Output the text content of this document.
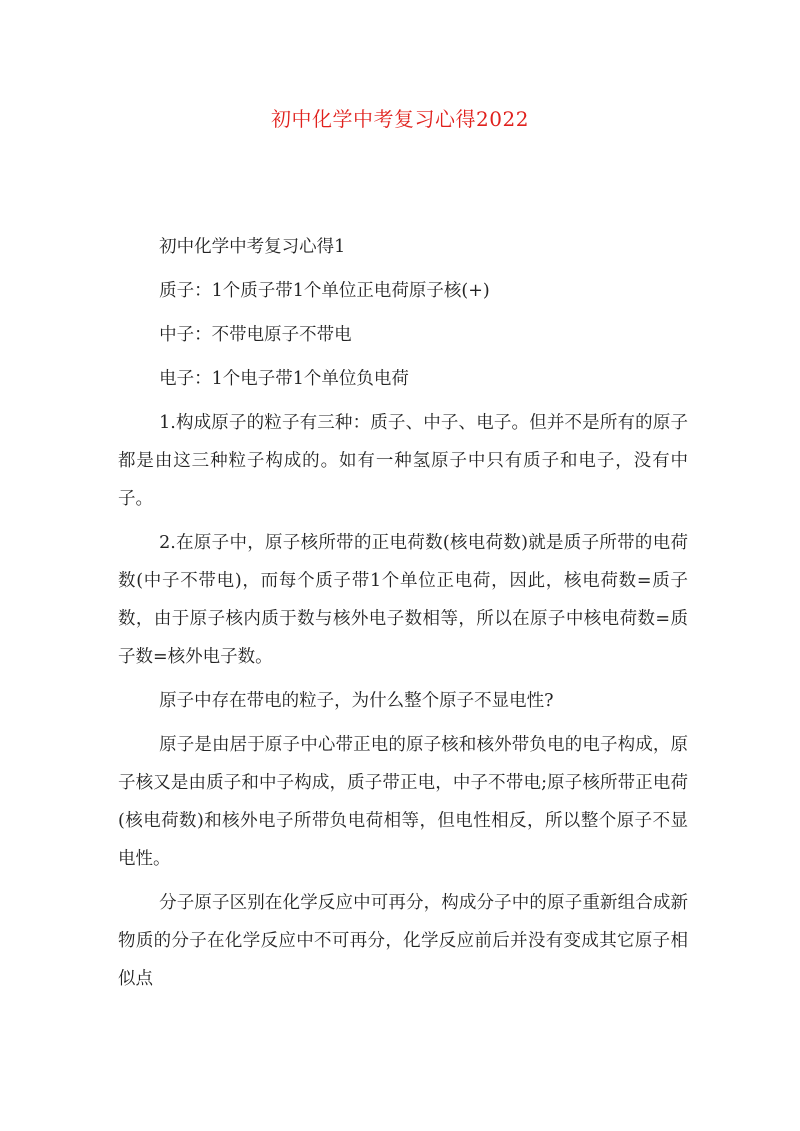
初中化学中考复习心得2022

初中化学中考复习心得1

质子：1个质子带1个单位正电荷原子核(+)

中子：不带电原子不带电

电子：1个电子带1个单位负电荷

1.构成原子的粒子有三种：质子、中子、电子。但并不是所有的原子都是由这三种粒子构成的。如有一种氢原子中只有质子和电子，没有中子。

2.在原子中，原子核所带的正电荷数(核电荷数)就是质子所带的电荷数(中子不带电)，而每个质子带1个单位正电荷，因此，核电荷数=质子数，由于原子核内质于数与核外电子数相等，所以在原子中核电荷数=质子数=核外电子数。

原子中存在带电的粒子，为什么整个原子不显电性?

原子是由居于原子中心带正电的原子核和核外带负电的电子构成，原子核又是由质子和中子构成，质子带正电，中子不带电;原子核所带正电荷(核电荷数)和核外电子所带负电荷相等，但电性相反，所以整个原子不显电性。

分子原子区别在化学反应中可再分，构成分子中的原子重新组合成新物质的分子在化学反应中不可再分，化学反应前后并没有变成其它原子相似点
